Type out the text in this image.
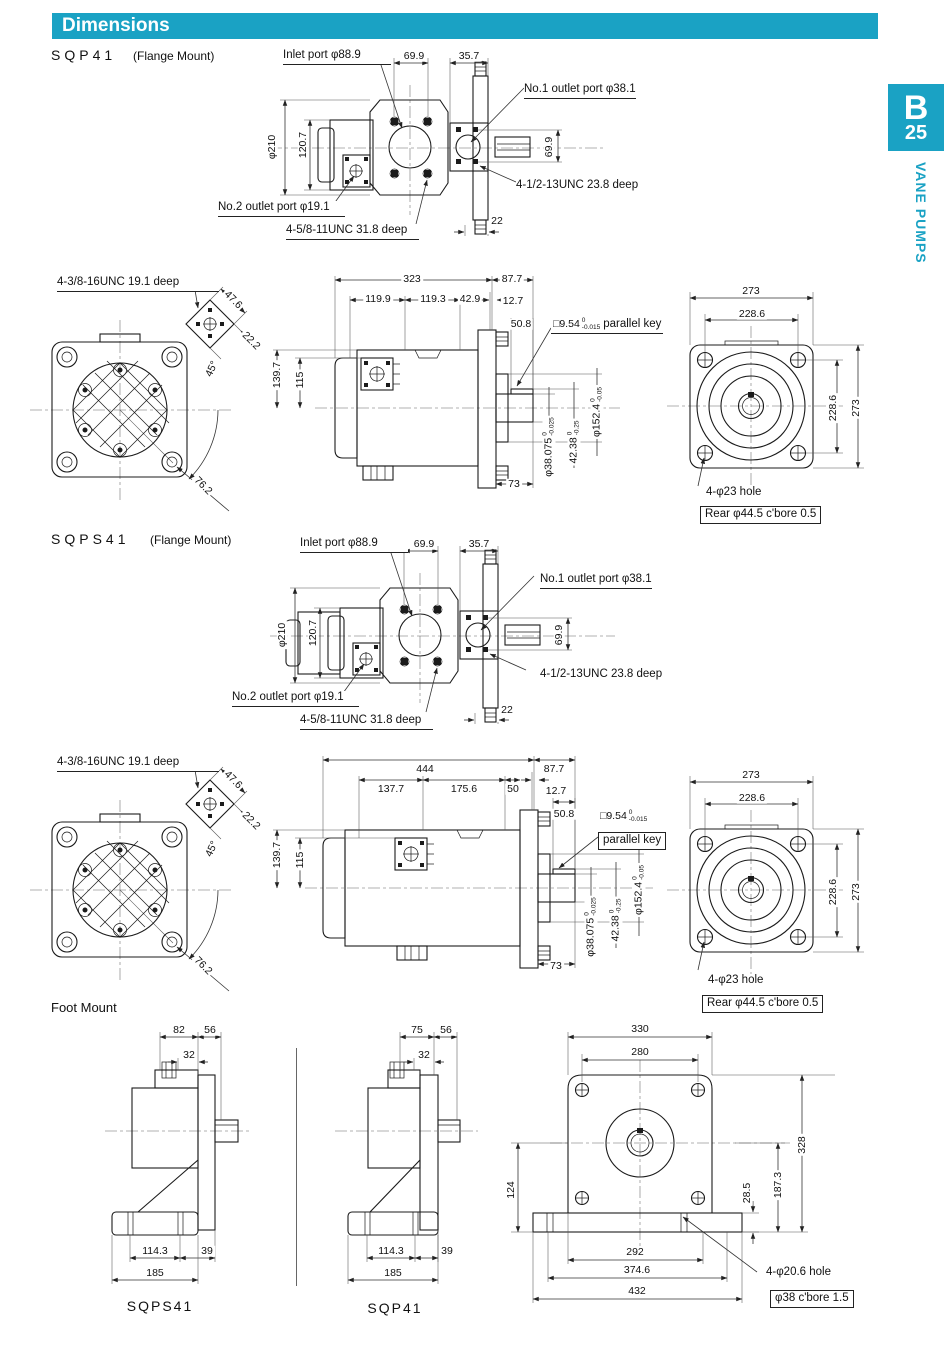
Dimensions
B
25
VANE PUMPS
SQP41 (Flange Mount)	Inlet port φ88.9	69.9	35.7
No.1 outlet port φ38.1
φ210 120.7	69.9
4-1/2-13UNC 23.8 deep
No.2 outlet port φ19.1
4-5/8-11UNC 31.8 deep
22
4-3/8-16UNC 19.1 deep
47.6
22.2
45°
76.2
323	87.7
119.9	119.3 42.9 12.7
50.8 □9.54 0
-0.015 parallel key
139.7 115
φ38.075
0 -0.025
42.38
0 -0.25 φ152.4
0 -0.05
73
273
228.6
228.6 273
4-φ23 hole
Rear φ44.5 c'bore 0.5
SQPS41 (Flange Mount)	Inlet port φ88.9	69.9	35.7
No.1 outlet port φ38.1
φ210 120.7	69.9
4-1/2-13UNC 23.8 deep
No.2 outlet port φ19.1
4-5/8-11UNC 31.8 deep
22
4-3/8-16UNC 19.1 deep
47.6
22.2
45°
76.2
444	87.7
137.7	175.6	50	12.7
50.8 □9.54 0
-0.015
parallel key
139.7 115
φ38.075
0 -0.025
42.38
0 -0.25 φ152.4
0 -0.05
73
273
228.6
228.6 273
4-φ23 hole
Rear φ44.5 c'bore 0.5
Foot Mount
82 56
32
114.3	39
185
SQPS41
75 56
32
114.3	39
185
SQP41
330
280
124	28.5 187.3
328
292
374.6
432
4-φ20.6 hole
φ38 c'bore 1.5
